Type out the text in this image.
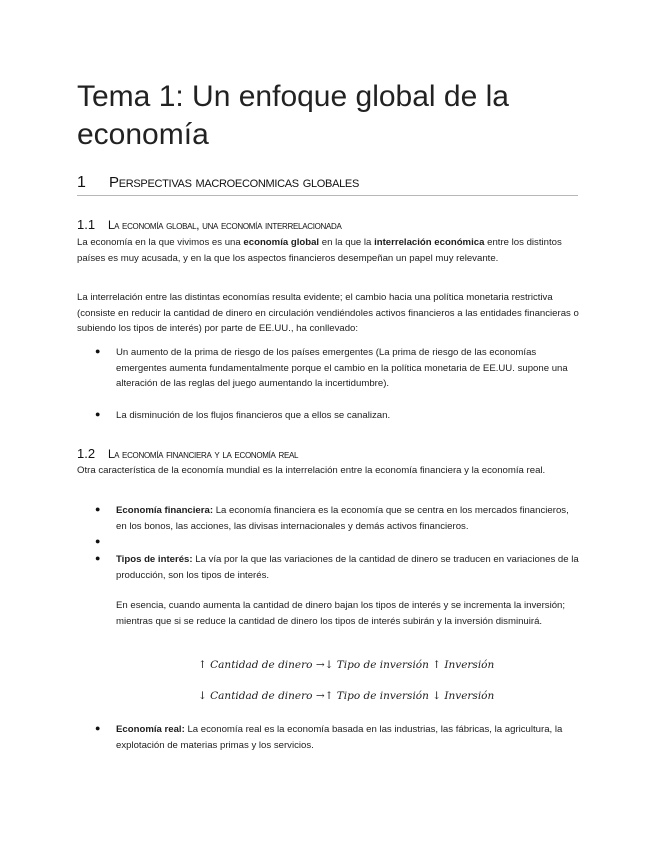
Tema 1: Un enfoque global de la economía
1 Perspectivas macroeconmicas globales
1.1 La economía global, una economía interrelacionada

La economía en la que vivimos es una economía global en la que la interrelación económica entre los distintos países es muy acusada, y en la que los aspectos financieros desempeñan un papel muy relevante.

La interrelación entre las distintas economías resulta evidente; el cambio hacia una política monetaria restrictiva (consiste en reducir la cantidad de dinero en circulación vendiéndoles activos financieros a las entidades financieras o subiendo los tipos de interés) por parte de EE.UU., ha conllevado:

● Un aumento de la prima de riesgo de los países emergentes (La prima de riesgo de las economías emergentes aumenta fundamentalmente porque el cambio en la política monetaria de EE.UU. supone una alteración de las reglas del juego aumentando la incertidumbre).

● La disminución de los flujos financieros que a ellos se canalizan.

1.2 La economía financiera y la economía real

Otra característica de la economía mundial es la interrelación entre la economía financiera y la economía real.

● Economía financiera: La economía financiera es la economía que se centra en los mercados financieros, en los bonos, las acciones, las divisas internacionales y demás activos financieros.

●
● Tipos de interés: La vía por la que las variaciones de la cantidad de dinero se traducen en variaciones de la producción, son los tipos de interés.

En esencia, cuando aumenta la cantidad de dinero bajan los tipos de interés y se incrementa la inversión; mientras que si se reduce la cantidad de dinero los tipos de interés subirán y la inversión disminuirá.

↑ Cantidad de dinero →↓ Tipo de inversión ↑ Inversión
↓ Cantidad de dinero →↑ Tipo de inversión ↓ Inversión
● Economía real: La economía real es la economía basada en las industrias, las fábricas, la agricultura, la explotación de materias primas y los servicios.
